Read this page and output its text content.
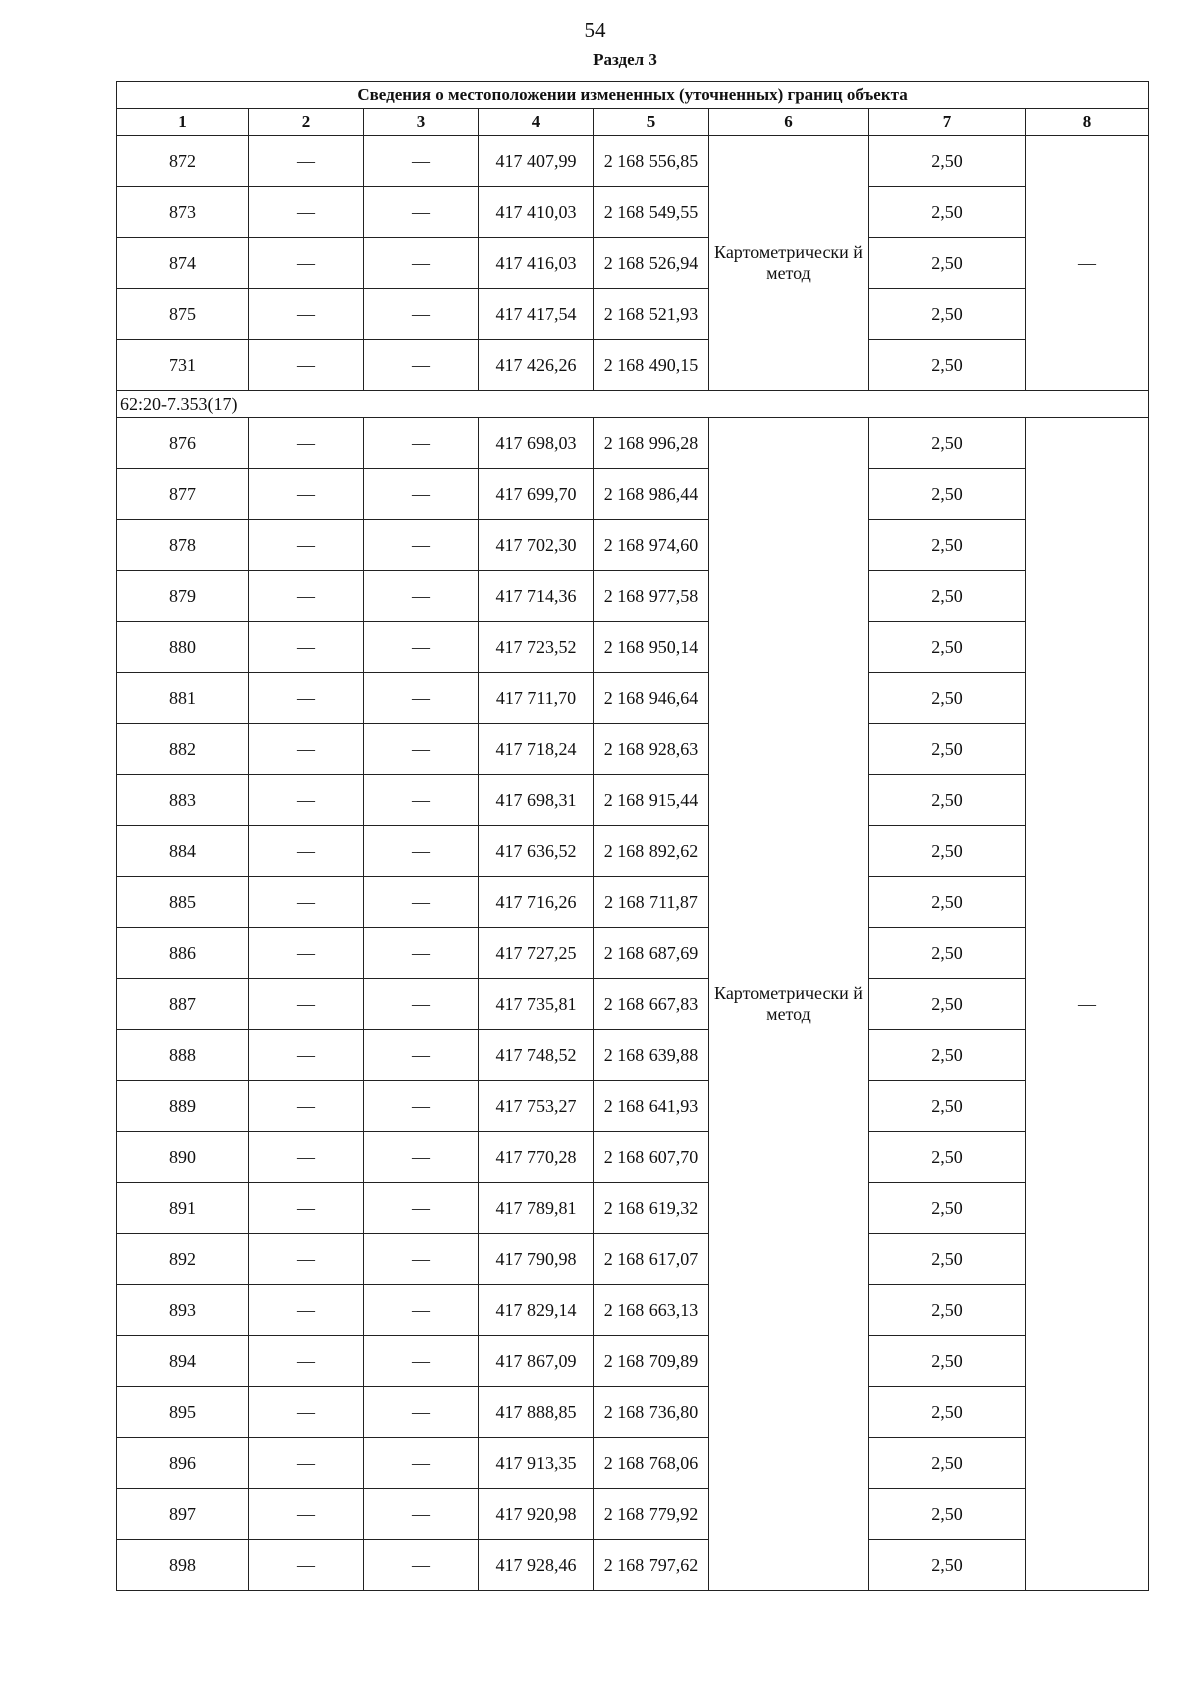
54
Раздел 3
Сведения о местоположении измененных (уточненных) границ объекта							
1	2	3	4	5	6	7	8
872	—	—	417 407,99	2 168 556,85	Картометрически й метод	2,50	—
873	—	—	417 410,03	2 168 549,55		2,50	
874	—	—	417 416,03	2 168 526,94		2,50	
875	—	—	417 417,54	2 168 521,93		2,50	
731	—	—	417 426,26	2 168 490,15		2,50	
62:20-7.353(17)							
876	—	—	417 698,03	2 168 996,28	Картометрически й метод	2,50	—
877	—	—	417 699,70	2 168 986,44		2,50	
878	—	—	417 702,30	2 168 974,60		2,50	
879	—	—	417 714,36	2 168 977,58		2,50	
880	—	—	417 723,52	2 168 950,14		2,50	
881	—	—	417 711,70	2 168 946,64		2,50	
882	—	—	417 718,24	2 168 928,63		2,50	
883	—	—	417 698,31	2 168 915,44		2,50	
884	—	—	417 636,52	2 168 892,62		2,50	
885	—	—	417 716,26	2 168 711,87		2,50	
886	—	—	417 727,25	2 168 687,69		2,50	
887	—	—	417 735,81	2 168 667,83		2,50	
888	—	—	417 748,52	2 168 639,88		2,50	
889	—	—	417 753,27	2 168 641,93		2,50	
890	—	—	417 770,28	2 168 607,70		2,50	
891	—	—	417 789,81	2 168 619,32		2,50	
892	—	—	417 790,98	2 168 617,07		2,50	
893	—	—	417 829,14	2 168 663,13		2,50	
894	—	—	417 867,09	2 168 709,89		2,50	
895	—	—	417 888,85	2 168 736,80		2,50	
896	—	—	417 913,35	2 168 768,06		2,50	
897	—	—	417 920,98	2 168 779,92		2,50	
898	—	—	417 928,46	2 168 797,62		2,50	
